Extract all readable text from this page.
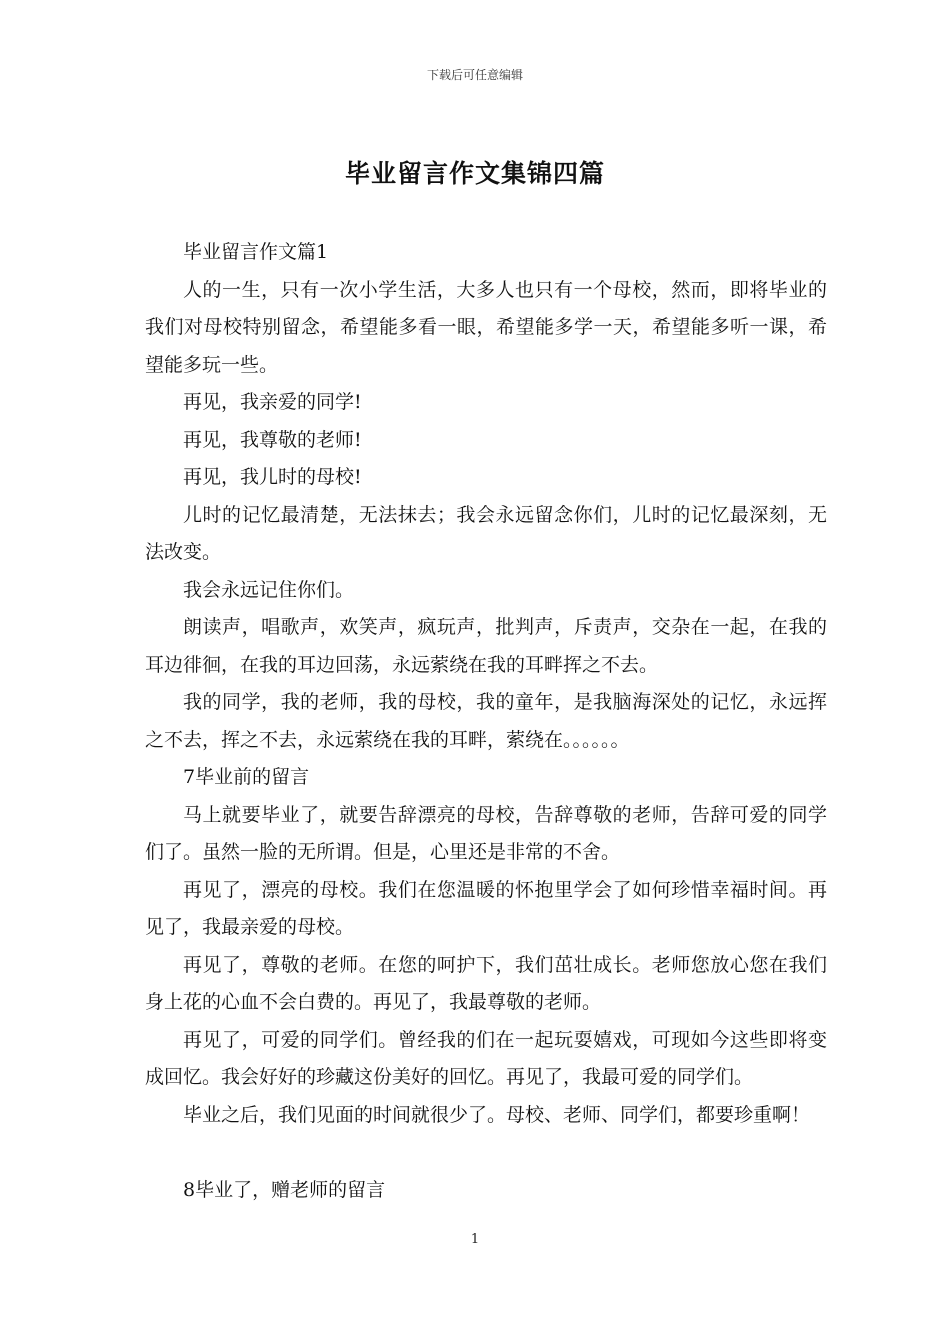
下载后可任意编辑
毕业留言作文集锦四篇

毕业留言作文篇1

人的一生，只有一次小学生活，大多人也只有一个母校，然而，即将毕业的我们对母校特别留念，希望能多看一眼，希望能多学一天，希望能多听一课，希望能多玩一些。

再见，我亲爱的同学!

再见，我尊敬的老师!

再见，我儿时的母校!

儿时的记忆最清楚，无法抹去；我会永远留念你们，儿时的记忆最深刻，无法改变。

我会永远记住你们。

朗读声，唱歌声，欢笑声，疯玩声，批判声，斥责声，交杂在一起，在我的耳边徘徊，在我的耳边回荡，永远萦绕在我的耳畔挥之不去。

我的同学，我的老师，我的母校，我的童年，是我脑海深处的记忆，永远挥之不去，挥之不去，永远萦绕在我的耳畔，萦绕在。。。。。。

7毕业前的留言

马上就要毕业了，就要告辞漂亮的母校，告辞尊敬的老师，告辞可爱的同学们了。虽然一脸的无所谓。但是，心里还是非常的不舍。

再见了，漂亮的母校。我们在您温暖的怀抱里学会了如何珍惜幸福时间。再见了，我最亲爱的母校。

再见了，尊敬的老师。在您的呵护下，我们茁壮成长。老师您放心您在我们身上花的心血不会白费的。再见了，我最尊敬的老师。

再见了，可爱的同学们。曾经我的们在一起玩耍嬉戏，可现如今这些即将变成回忆。我会好好的珍藏这份美好的回忆。再见了，我最可爱的同学们。

毕业之后，我们见面的时间就很少了。母校、老师、同学们，都要珍重啊！

8毕业了，赠老师的留言

1
